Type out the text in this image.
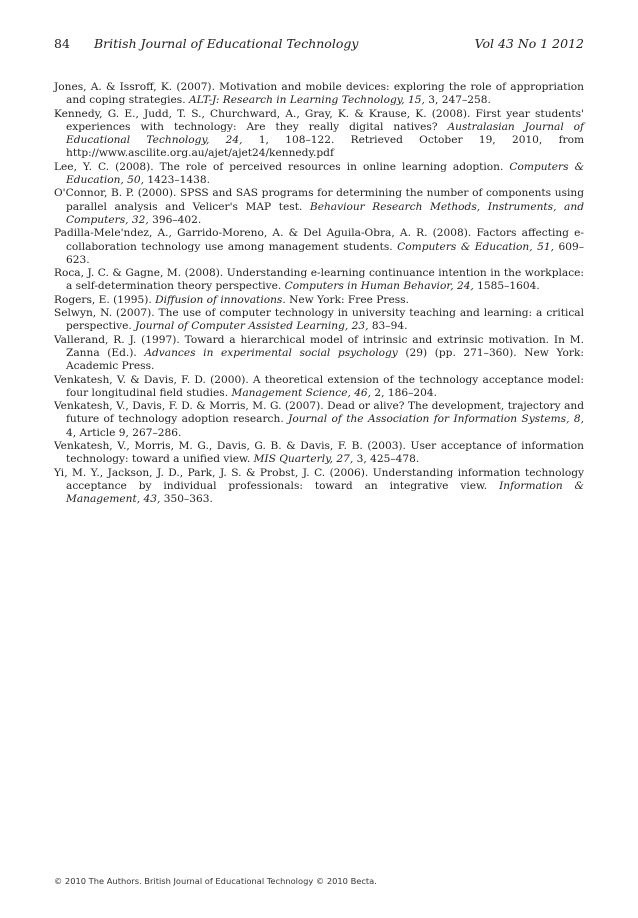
84 British Journal of Educational Technology	Vol 43 No 1 2012

Jones, A. & Issroff, K. (2007). Motivation and mobile devices: exploring the role of appropriation and coping strategies. ALT-J: Research in Learning Technology, 15, 3, 247–258.

Kennedy, G. E., Judd, T. S., Churchward, A., Gray, K. & Krause, K. (2008). First year students' experiences with technology: Are they really digital natives? Australasian Journal of Educational Technology, 24, 1, 108–122. Retrieved October 19, 2010, from http://www.ascilite.org.au/ajet/ajet24/kennedy.pdf

Lee, Y. C. (2008). The role of perceived resources in online learning adoption. Computers & Education, 50, 1423–1438.

O'Connor, B. P. (2000). SPSS and SAS programs for determining the number of components using parallel analysis and Velicer's MAP test. Behaviour Research Methods, Instruments, and Computers, 32, 396–402.

Padilla-Mele'ndez, A., Garrido-Moreno, A. & Del Aguila-Obra, A. R. (2008). Factors affecting e-collaboration technology use among management students. Computers & Education, 51, 609–623.

Roca, J. C. & Gagne, M. (2008). Understanding e-learning continuance intention in the workplace: a self-determination theory perspective. Computers in Human Behavior, 24, 1585–1604.

Rogers, E. (1995). Diffusion of innovations. New York: Free Press.

Selwyn, N. (2007). The use of computer technology in university teaching and learning: a critical perspective. Journal of Computer Assisted Learning, 23, 83–94.

Vallerand, R. J. (1997). Toward a hierarchical model of intrinsic and extrinsic motivation. In M. Zanna (Ed.). Advances in experimental social psychology (29) (pp. 271–360). New York: Academic Press.

Venkatesh, V. & Davis, F. D. (2000). A theoretical extension of the technology acceptance model: four longitudinal field studies. Management Science, 46, 2, 186–204.

Venkatesh, V., Davis, F. D. & Morris, M. G. (2007). Dead or alive? The development, trajectory and future of technology adoption research. Journal of the Association for Information Systems, 8, 4, Article 9, 267–286.

Venkatesh, V., Morris, M. G., Davis, G. B. & Davis, F. B. (2003). User acceptance of information technology: toward a unified view. MIS Quarterly, 27, 3, 425–478.

Yi, M. Y., Jackson, J. D., Park, J. S. & Probst, J. C. (2006). Understanding information technology acceptance by individual professionals: toward an integrative view. Information & Management, 43, 350–363.

© 2010 The Authors. British Journal of Educational Technology © 2010 Becta.
